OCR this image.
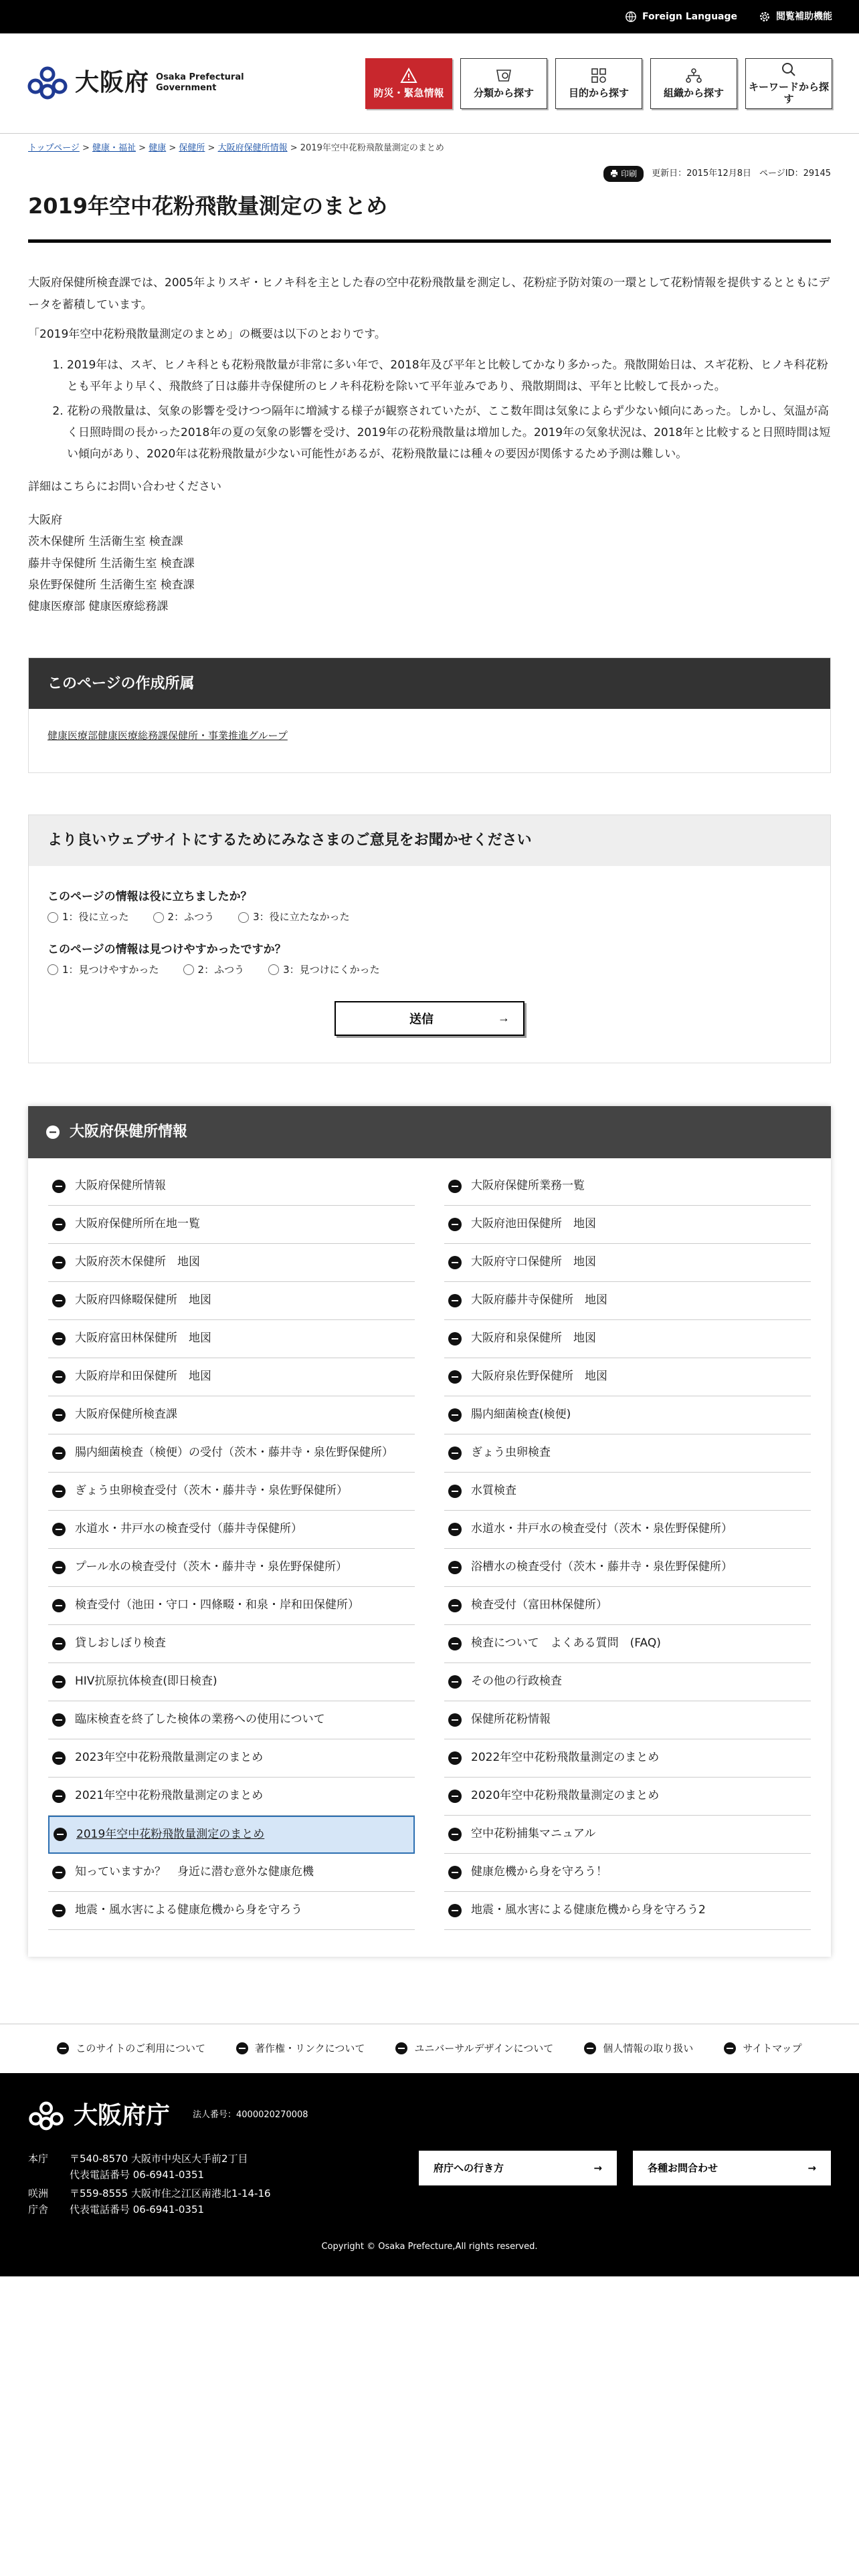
Foreign Language	閲覧補助機能
大阪府 Osaka Prefectural
Government	防災・緊急情報	分類から探す	目的から探す	組織から探す キーワードから探す
トップページ > 健康・福祉 > 健康 > 保健所 > 大阪府保健所情報 > 2019年空中花粉飛散量測定のまとめ
印刷 更新日：2015年12月8日 ページID：29145
2019年空中花粉飛散量測定のまとめ

大阪府保健所検査課では、2005年よりスギ・ヒノキ科を主とした春の空中花粉飛散量を測定し、花粉症予防対策の一環として花粉情報を提供するとともにデータを蓄積しています。

「2019年空中花粉飛散量測定のまとめ」の概要は以下のとおりです。

1. 2019年は、スギ、ヒノキ科とも花粉飛散量が非常に多い年で、2018年及び平年と比較してかなり多かった。飛散開始日は、スギ花粉、ヒノキ科花粉とも平年より早く、飛散終了日は藤井寺保健所のヒノキ科花粉を除いて平年並みであり、飛散期間は、平年と比較して長かった。
2. 花粉の飛散量は、気象の影響を受けつつ隔年に増減する様子が観察されていたが、ここ数年間は気象によらず少ない傾向にあった。しかし、気温が高く日照時間の長かった2018年の夏の気象の影響を受け、2019年の花粉飛散量は増加した。2019年の気象状況は、2018年と比較すると日照時間は短い傾向があり、2020年は花粉飛散量が少ない可能性があるが、花粉飛散量には種々の要因が関係するため予測は難しい。

詳細はこちらにお問い合わせください

大阪府
茨木保健所 生活衛生室 検査課
藤井寺保健所 生活衛生室 検査課
泉佐野保健所 生活衛生室 検査課
健康医療部 健康医療総務課
このページの作成所属
健康医療部健康医療総務課保健所・事業推進グループ
より良いウェブサイトにするためにみなさまのご意見をお聞かせください
このページの情報は役に立ちましたか？
1：役に立った	2：ふつう	3：役に立たなかった
このページの情報は見つけやすかったですか？
1：見つけやすかった	2：ふつう	3：見つけにくかった
送信	→
大阪府保健所情報
大阪府保健所情報	大阪府保健所業務一覧
大阪府保健所所在地一覧	大阪府池田保健所　地図
大阪府茨木保健所　地図	大阪府守口保健所　地図
大阪府四條畷保健所　地図	大阪府藤井寺保健所　地図
大阪府富田林保健所　地図	大阪府和泉保健所　地図
大阪府岸和田保健所　地図	大阪府泉佐野保健所　地図
大阪府保健所検査課	腸内細菌検査(検便)
腸内細菌検査（検便）の受付（茨木・藤井寺・泉佐野保健所）	ぎょう虫卵検査
ぎょう虫卵検査受付（茨木・藤井寺・泉佐野保健所）	水質検査
水道水・井戸水の検査受付（藤井寺保健所）	水道水・井戸水の検査受付（茨木・泉佐野保健所）
プール水の検査受付（茨木・藤井寺・泉佐野保健所）	浴槽水の検査受付（茨木・藤井寺・泉佐野保健所）
検査受付（池田・守口・四條畷・和泉・岸和田保健所）	検査受付（富田林保健所）
貸しおしぼり検査	検査について　よくある質問　(FAQ)
HIV抗原抗体検査(即日検査)	その他の行政検査
臨床検査を終了した検体の業務への使用について	保健所花粉情報
2023年空中花粉飛散量測定のまとめ	2022年空中花粉飛散量測定のまとめ
2021年空中花粉飛散量測定のまとめ	2020年空中花粉飛散量測定のまとめ
2019年空中花粉飛散量測定のまとめ	空中花粉捕集マニュアル
知っていますか？　身近に潜む意外な健康危機	健康危機から身を守ろう！
地震・風水害による健康危機から身を守ろう	地震・風水害による健康危機から身を守ろう2
このサイトのご利用について	著作権・リンクについて	ユニバーサルデザインについて	個人情報の取り扱い	サイトマップ
大阪府庁	法人番号：4000020270008
本庁	〒540-8570 大阪市中央区大手前2丁目
代表電話番号 06-6941-0351
咲洲庁舎
〒559-8555 大阪市住之江区南港北1-14-16
代表電話番号 06-6941-0351
府庁への行き方	→	各種お問合わせ	→
Copyright © Osaka Prefecture,All rights reserved.
